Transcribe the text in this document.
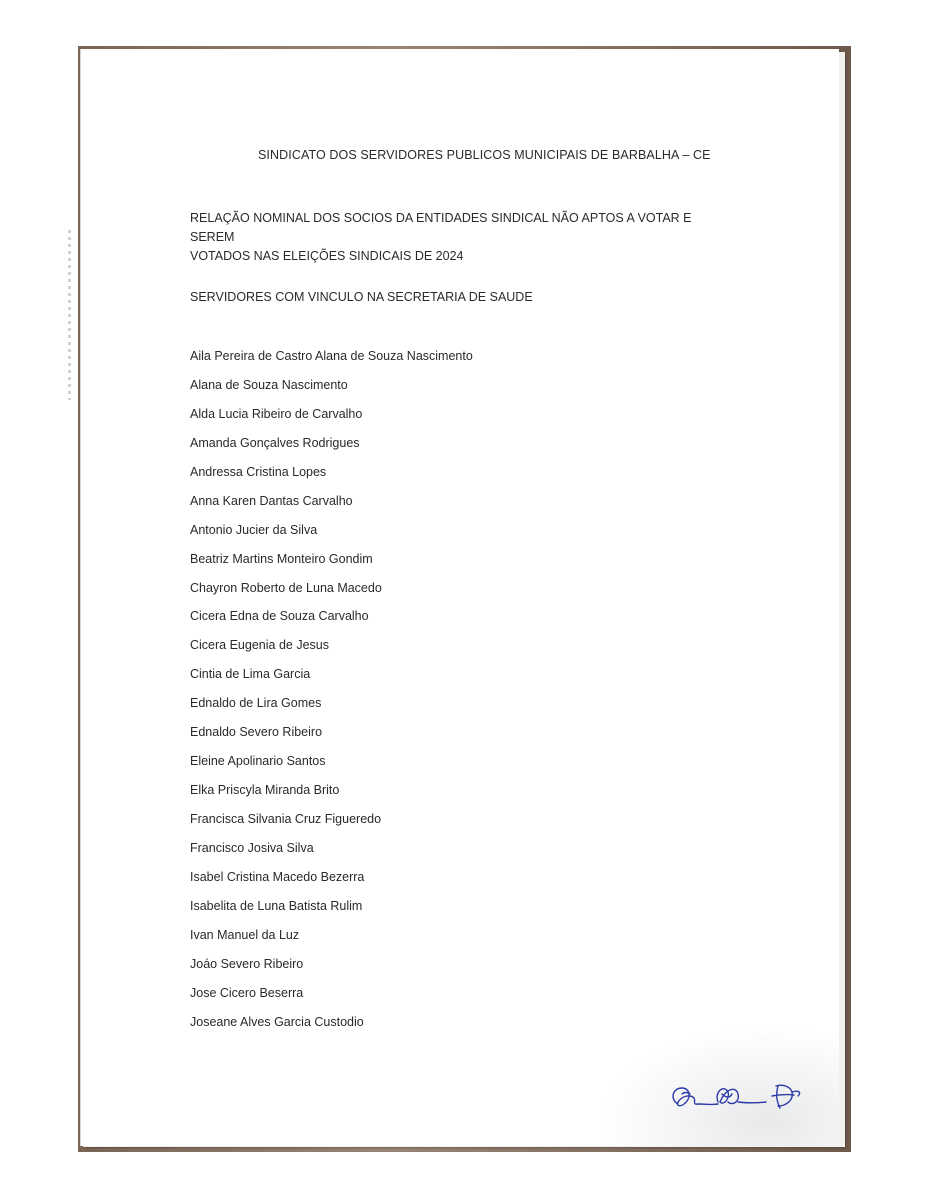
SINDICATO DOS SERVIDORES PUBLICOS MUNICIPAIS DE BARBALHA – CE
RELAÇÃO NOMINAL DOS SOCIOS DA ENTIDADES SINDICAL NÃO APTOS A VOTAR E SEREM
VOTADOS NAS ELEIÇÕES SINDICAIS DE 2024
SERVIDORES COM VINCULO NA SECRETARIA DE SAUDE
Aila Pereira de Castro Alana de Souza Nascimento
Alana de Souza Nascimento
Alda Lucia Ribeiro de Carvalho
Amanda Gonçalves Rodrigues
Andressa Cristina Lopes
Anna Karen Dantas Carvalho
Antonio Jucier da Silva
Beatriz Martins Monteiro Gondim
Chayron Roberto de Luna Macedo
Cicera Edna de Souza Carvalho
Cicera Eugenia de Jesus
Cintia de Lima Garcia
Ednaldo de Lira Gomes
Ednaldo Severo Ribeiro
Eleine Apolinario Santos
Elka Priscyla Miranda Brito
Francisca Silvania Cruz Figueredo
Francisco Josiva Silva
Isabel Cristina Macedo Bezerra
Isabelita de Luna Batista Rulim
Ivan Manuel da Luz
Joáo Severo Ribeiro
Jose Cicero Beserra
Joseane Alves Garcia Custodio
